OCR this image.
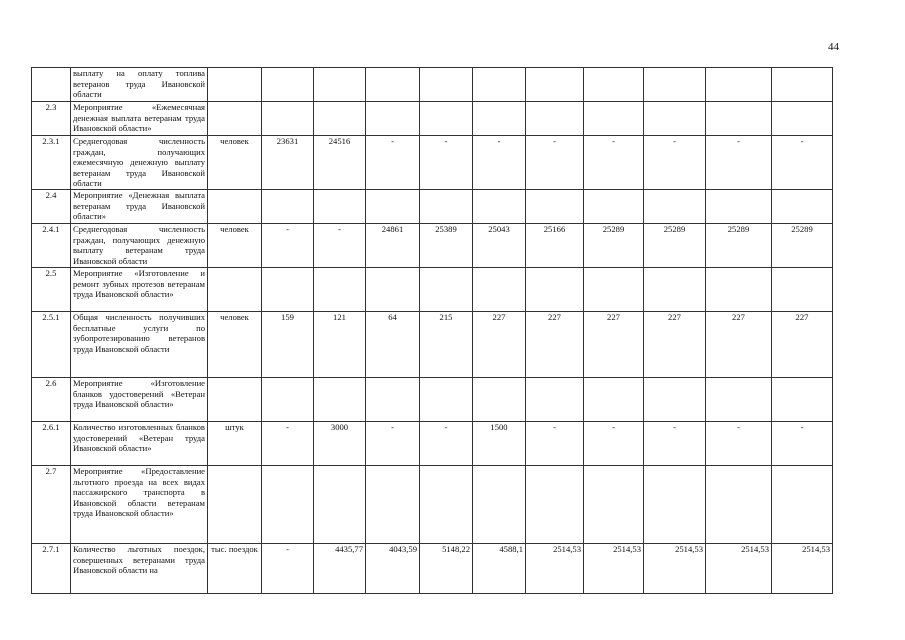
44
	выплату на оплату топлива ветеранов труда Ивановской области											
2.3	Мероприятие «Ежемесячная денежная выплата ветеранам труда Ивановской области»											
2.3.1	Среднегодовая численность граждан, получающих ежемесячную денежную выплату ветеранам труда Ивановской области	человек	23631	24516	-	-	-	-	-	-	-	-
2.4	Мероприятие «Денежная выплата ветеранам труда Ивановской области»											
2.4.1	Среднегодовая численность граждан, получающих денежную выплату ветеранам труда Ивановской области	человек	-	-	24861	25389	25043	25166	25289	25289	25289	25289
2.5	Мероприятие «Изготовление и ремонт зубных протезов ветеранам труда Ивановской области»											
2.5.1	Общая численность получивших бесплатные услуги по зубопротезированию ветеранов труда Ивановской области	человек	159	121	64	215	227	227	227	227	227	227
2.6	Мероприятие «Изготовление бланков удостоверений «Ветеран труда Ивановской области»											
2.6.1	Количество изготовленных бланков удостоверений «Ветеран труда Ивановской области»	штук	-	3000	-	-	1500	-	-	-	-	-
2.7	Мероприятие «Предоставление льготного проезда на всех видах пассажирского транспорта в Ивановской области ветеранам труда Ивановской области»											
2.7.1	Количество льготных поездок, совершенных ветеранами труда Ивановской области на	тыс. поездок	-	4435,77	4043,59	5148,22	4588,1	2514,53	2514,53	2514,53	2514,53	2514,53
